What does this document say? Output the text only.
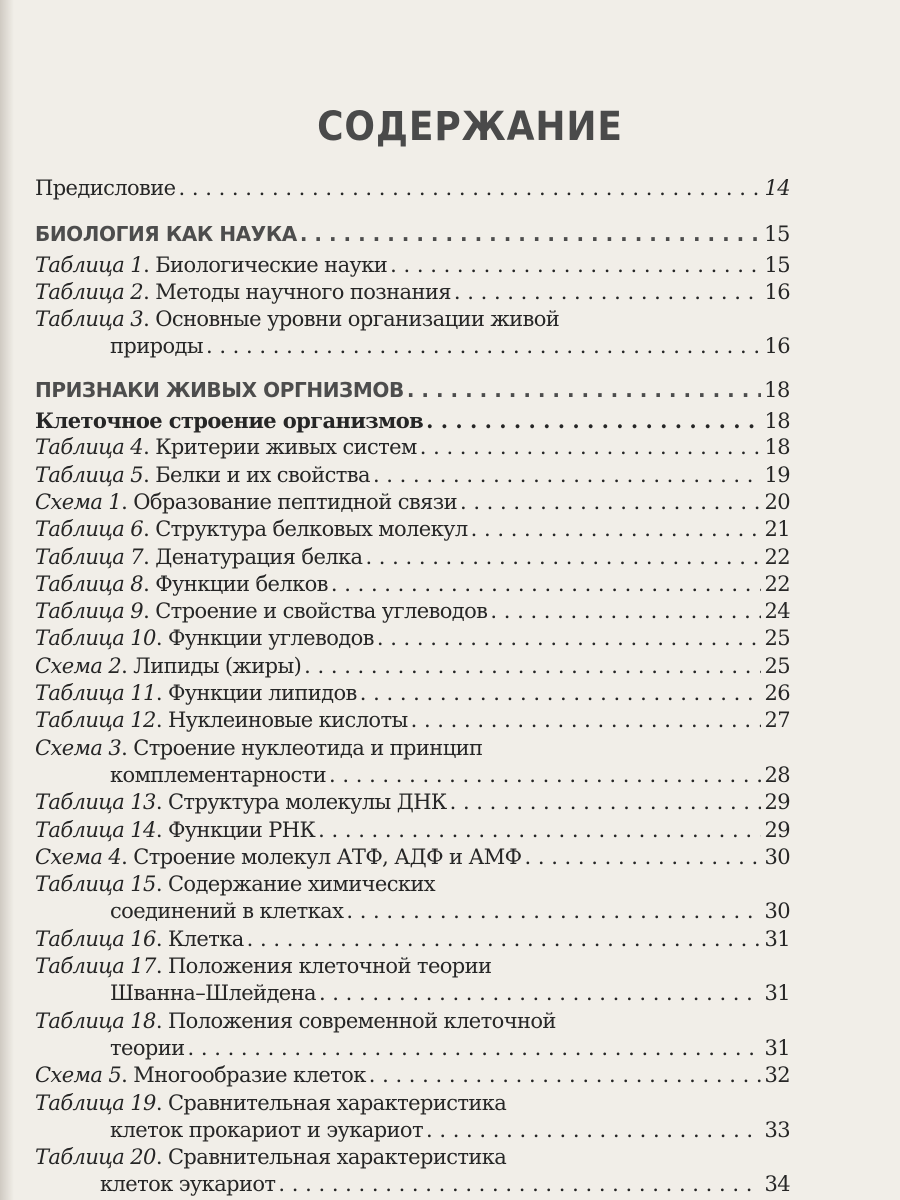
СОДЕРЖАНИЕ
Предисловие . . .	14
БИОЛОГИЯ КАК НАУКА . . .	15
Таблица 1 . Биологические науки . . .	15
Таблица 2 . Методы научного познания . . .	16
Таблица 3 . Основные уровни организации живой
природы . . .	16
ПРИЗНАКИ ЖИВЫХ ОРГНИЗМОВ . . .	18
Клеточное строение организмов . . .	18
Таблица 4 . Критерии живых систем . . .	18
Таблица 5 . Белки и их свойства . . .	19
Схема 1 . Образование пептидной связи . . .	20
Таблица 6 . Структура белковых молекул . . .	21
Таблица 7 . Денатурация белка . . .	22
Таблица 8 . Функции белков . . .	22
Таблица 9 . Строение и свойства углеводов . . .	24
Таблица 10 . Функции углеводов . . .	25
Схема 2 . Липиды (жиры) . . .	25
Таблица 11 . Функции липидов . . .	26
Таблица 12 . Нуклеиновые кислоты . . .	27
Схема 3 . Строение нуклеотида и принцип
комплементарности . . .	28
Таблица 13 . Структура молекулы ДНК . . .	29
Таблица 14 . Функции РНК . . .	29
Схема 4 . Строение молекул АТФ, АДФ и АМФ . . .	30
Таблица 15 . Содержание химических
соединений в клетках . . .	30
Таблица 16 . Клетка . . .	31
Таблица 17 . Положения клеточной теории
Шванна–Шлейдена . . .	31
Таблица 18 . Положения современной клеточной
теории . . .	31
Схема 5 . Многообразие клеток . . .	32
Таблица 19 . Сравнительная характеристика
клеток прокариот и эукариот . . .	33
Таблица 20 . Сравнительная характеристика
клеток эукариот . . .	34
